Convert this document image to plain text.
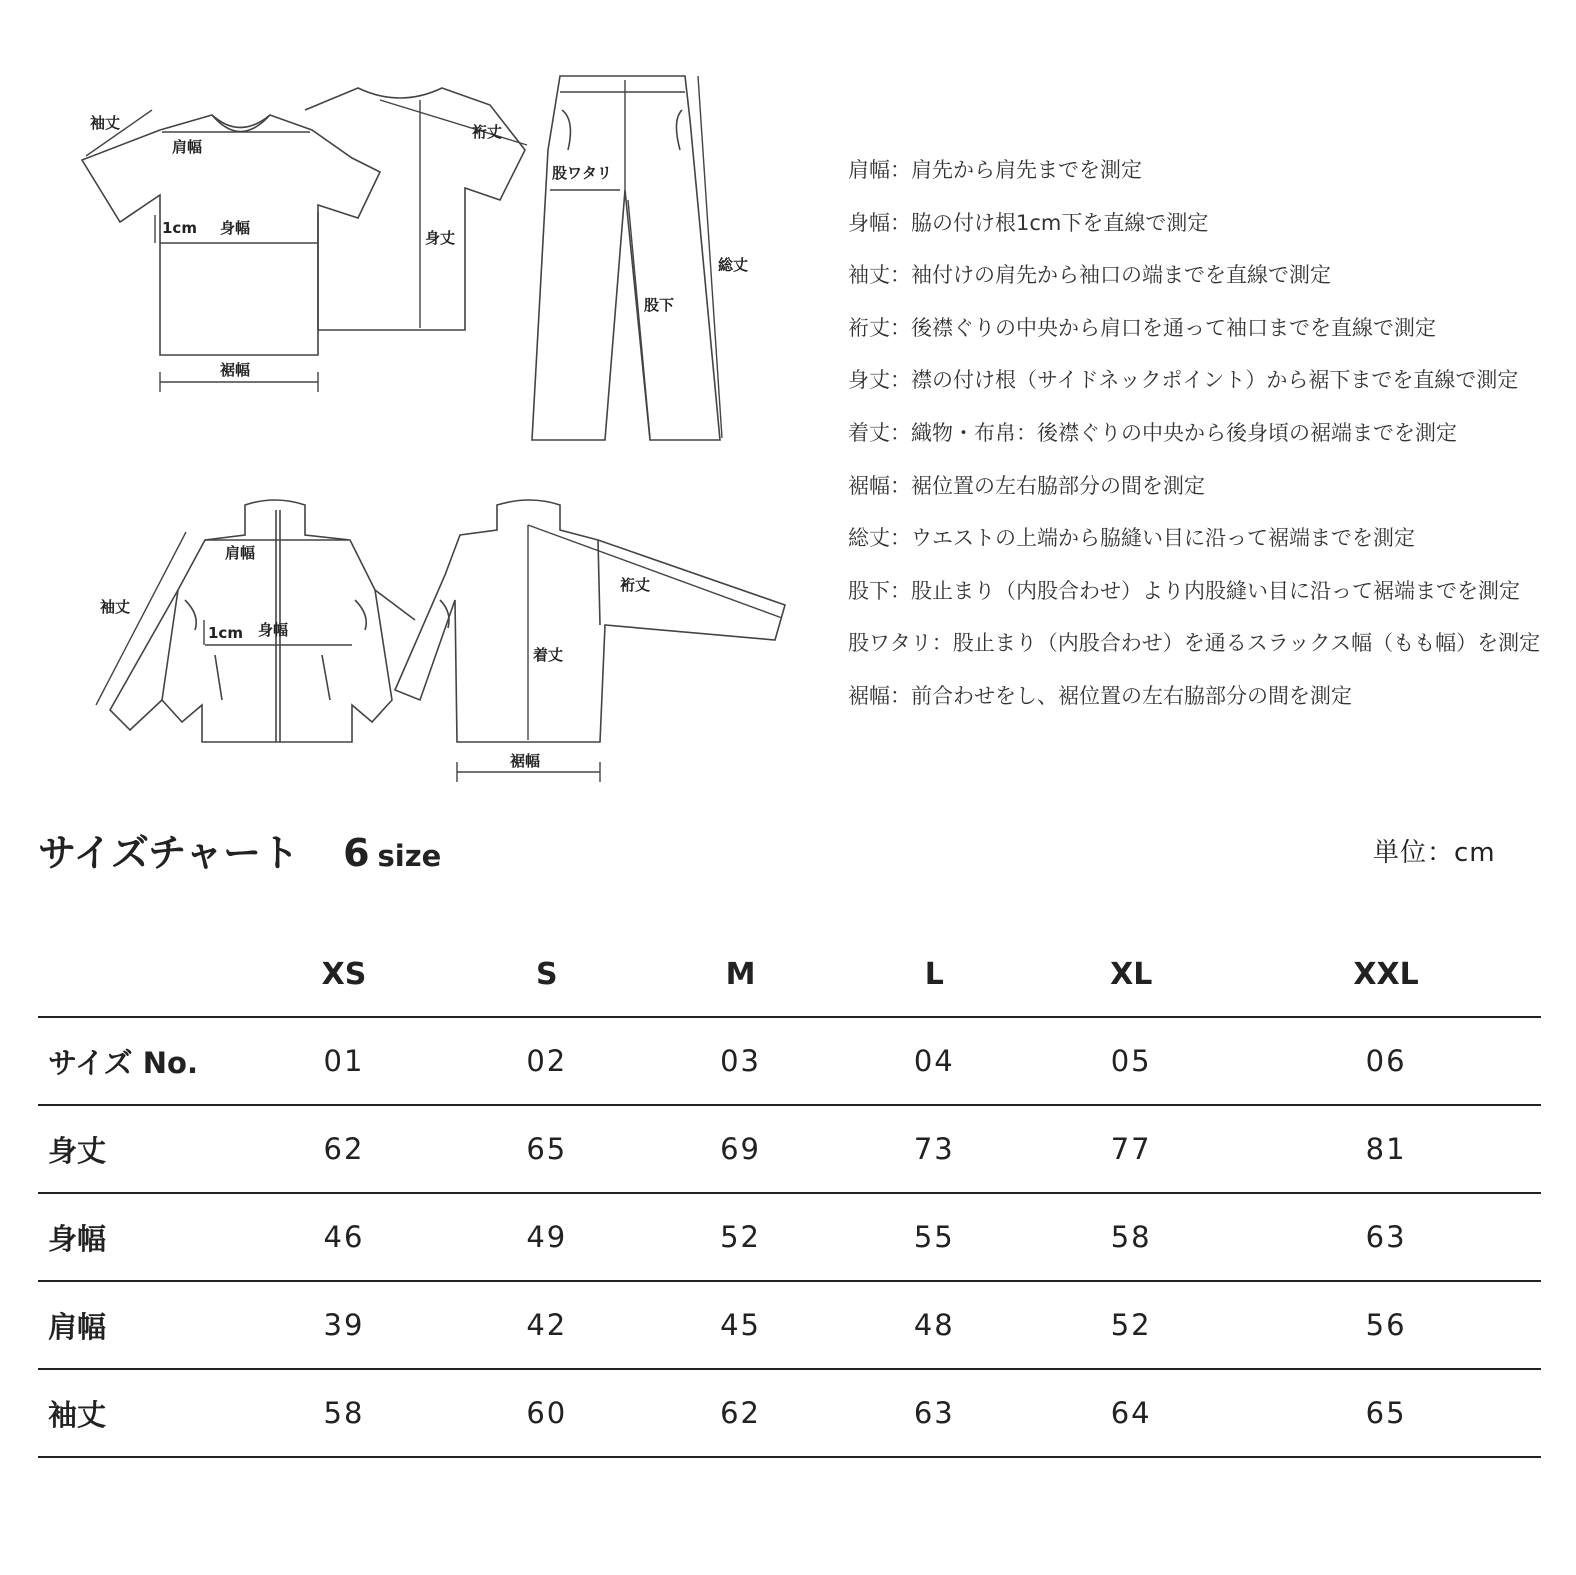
袖丈
肩幅
1cm 身幅
裾幅
身丈
裄丈
股ワタリ
股下
総丈
肩幅
袖丈
1cm 身幅
裄丈
着丈
裾幅
肩幅：肩先から肩先までを測定
身幅：脇の付け根1cm下を直線で測定
袖丈：袖付けの肩先から袖口の端までを直線で測定
裄丈：後襟ぐりの中央から肩口を通って袖口までを直線で測定
身丈：襟の付け根（サイドネックポイント）から裾下までを直線で測定
着丈：織物・布帛：後襟ぐりの中央から後身頃の裾端までを測定
裾幅：裾位置の左右脇部分の間を測定
総丈：ウエストの上端から脇縫い目に沿って裾端までを測定
股下：股止まり（内股合わせ）より内股縫い目に沿って裾端までを測定
股ワタリ：股止まり（内股合わせ）を通るスラックス幅（もも幅）を測定
裾幅：前合わせをし、裾位置の左右脇部分の間を測定
サイズチャート 6 size	単位：cm
	XS	S	M	L	XL	XXL
サイズ No.	01	02	03	04	05	06
身丈	62	65	69	73	77	81
身幅	46	49	52	55	58	63
肩幅	39	42	45	48	52	56
袖丈	58	60	62	63	64	65
